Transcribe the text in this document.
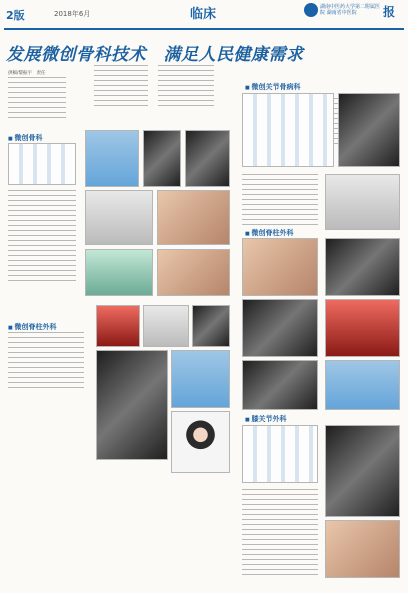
2版	2018年6月	临床	湖南中医药大学第二附属医院 湖南省中医院	报
发展微创骨科技术　满足人民健康需求
供稿/黎振宇　责任
■ 微创骨科
■ 微创脊柱外科
■ 微创关节骨病科
■ 微创脊柱外科
■ 膝关节外科
